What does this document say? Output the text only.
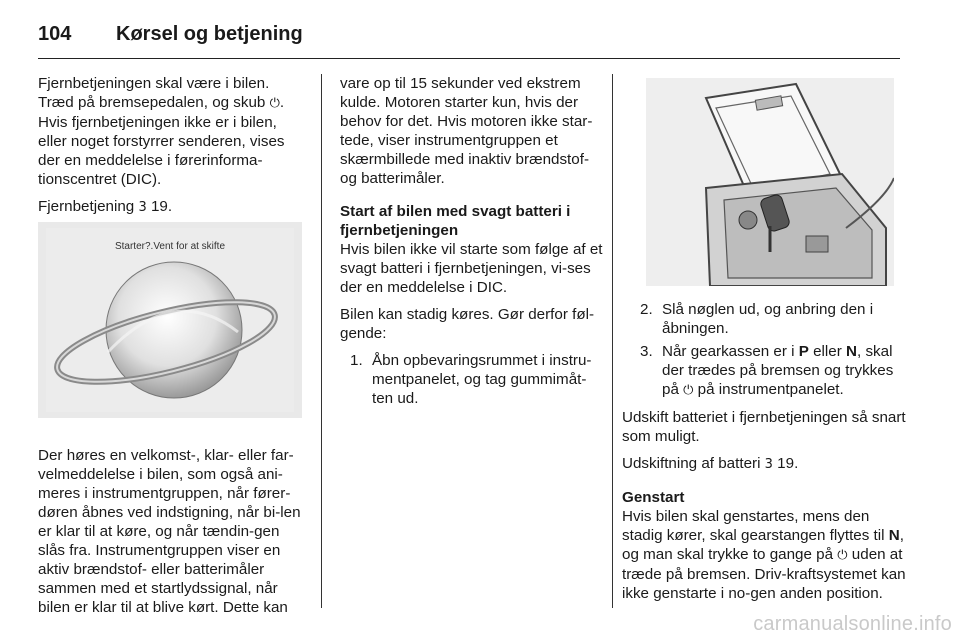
104	Kørsel og betjening

Fjernbetjeningen skal være i bilen. Træd på bremsepedalen, og skub ⏻. Hvis fjernbetjeningen ikke er i bilen, eller noget forstyrrer senderen, vises der en meddelelse i førerinforma-tionscentret (DIC).

Fjernbetjening 3 19.

Starter?.Vent for at skifte

Der høres en velkomst-, klar- eller far-velmeddelelse i bilen, som også ani-meres i instrumentgruppen, når fører-døren åbnes ved indstigning, når bi-len er klar til at køre, og når tændin-gen slås fra. Instrumentgruppen viser en aktiv brændstof- eller batterimåler sammen med et startlydssignal, når bilen er klar til at blive kørt. Dette kan

vare op til 15 sekunder ved ekstrem kulde. Motoren starter kun, hvis der behov for det. Hvis motoren ikke star-tede, viser instrumentgruppen et skærmbillede med inaktiv brændstof- og batterimåler.

Start af bilen med svagt batteri i fjernbetjeningen

Hvis bilen ikke vil starte som følge af et svagt batteri i fjernbetjeningen, vi-ses der en meddelelse i DIC.

Bilen kan stadig køres. Gør derfor føl-gende:

1. Åbn opbevaringsrummet i instru-mentpanelet, og tag gummimåt-ten ud.
2. Slå nøglen ud, og anbring den i åbningen.
3. Når gearkassen er i P eller N, skal der trædes på bremsen og trykkes på ⏻ på instrumentpanelet.

Udskift batteriet i fjernbetjeningen så snart som muligt.

Udskiftning af batteri 3 19.

Genstart

Hvis bilen skal genstartes, mens den stadig kører, skal gearstangen flyttes til N, og man skal trykke to gange på ⏻ uden at træde på bremsen. Driv-kraftsystemet kan ikke genstarte i no-gen anden position.

carmanualsonline.info
